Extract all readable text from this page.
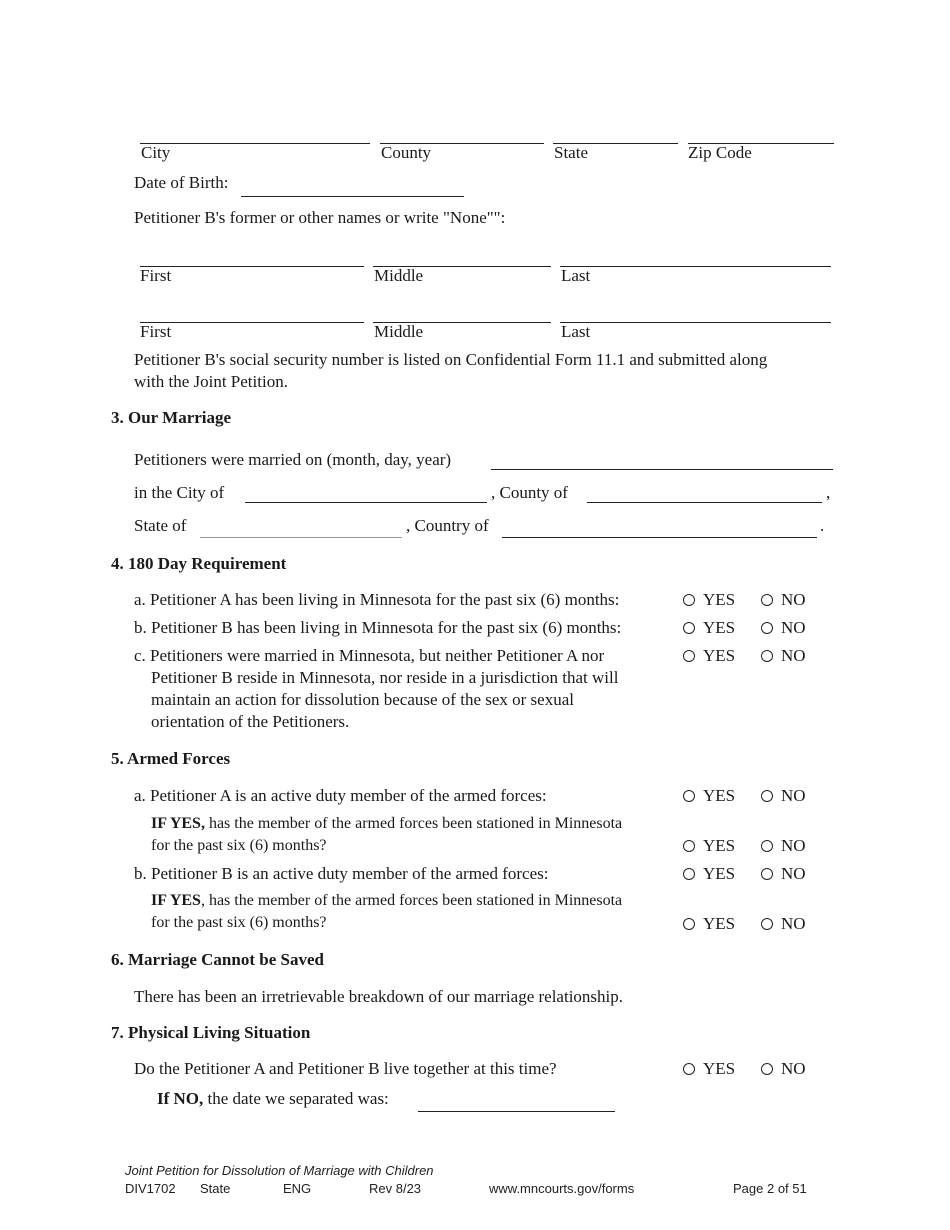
City	County	State	Zip Code
Date of Birth:
Petitioner B's former or other names or write "None"":
First	Middle	Last
First	Middle	Last
Petitioner B's social security number is listed on Confidential Form 11.1 and submitted along
with the Joint Petition.
3. Our Marriage
Petitioners were married on (month, day, year)
in the City of	, County of	,
State of	, Country of	.
4. 180 Day Requirement
a. Petitioner A has been living in Minnesota for the past six (6) months:	YES	NO
b. Petitioner B has been living in Minnesota for the past six (6) months:	YES	NO
c. Petitioners were married in Minnesota, but neither Petitioner A nor
Petitioner B reside in Minnesota, nor reside in a jurisdiction that will
maintain an action for dissolution because of the sex or sexual
orientation of the Petitioners.
YES	NO
5. Armed Forces
a. Petitioner A is an active duty member of the armed forces:	YES	NO
IF YES, has the member of the armed forces been stationed in Minnesota
for the past six (6) months?	YES	NO
b. Petitioner B is an active duty member of the armed forces:	YES	NO
IF YES, has the member of the armed forces been stationed in Minnesota
for the past six (6) months?	YES	NO
6. Marriage Cannot be Saved
There has been an irretrievable breakdown of our marriage relationship.
7. Physical Living Situation
Do the Petitioner A and Petitioner B live together at this time?	YES	NO
If NO, the date we separated was:
Joint Petition for Dissolution of Marriage with Children
DIV1702 State	ENG	Rev 8/23	www.mncourts.gov/forms	Page 2 of 51
